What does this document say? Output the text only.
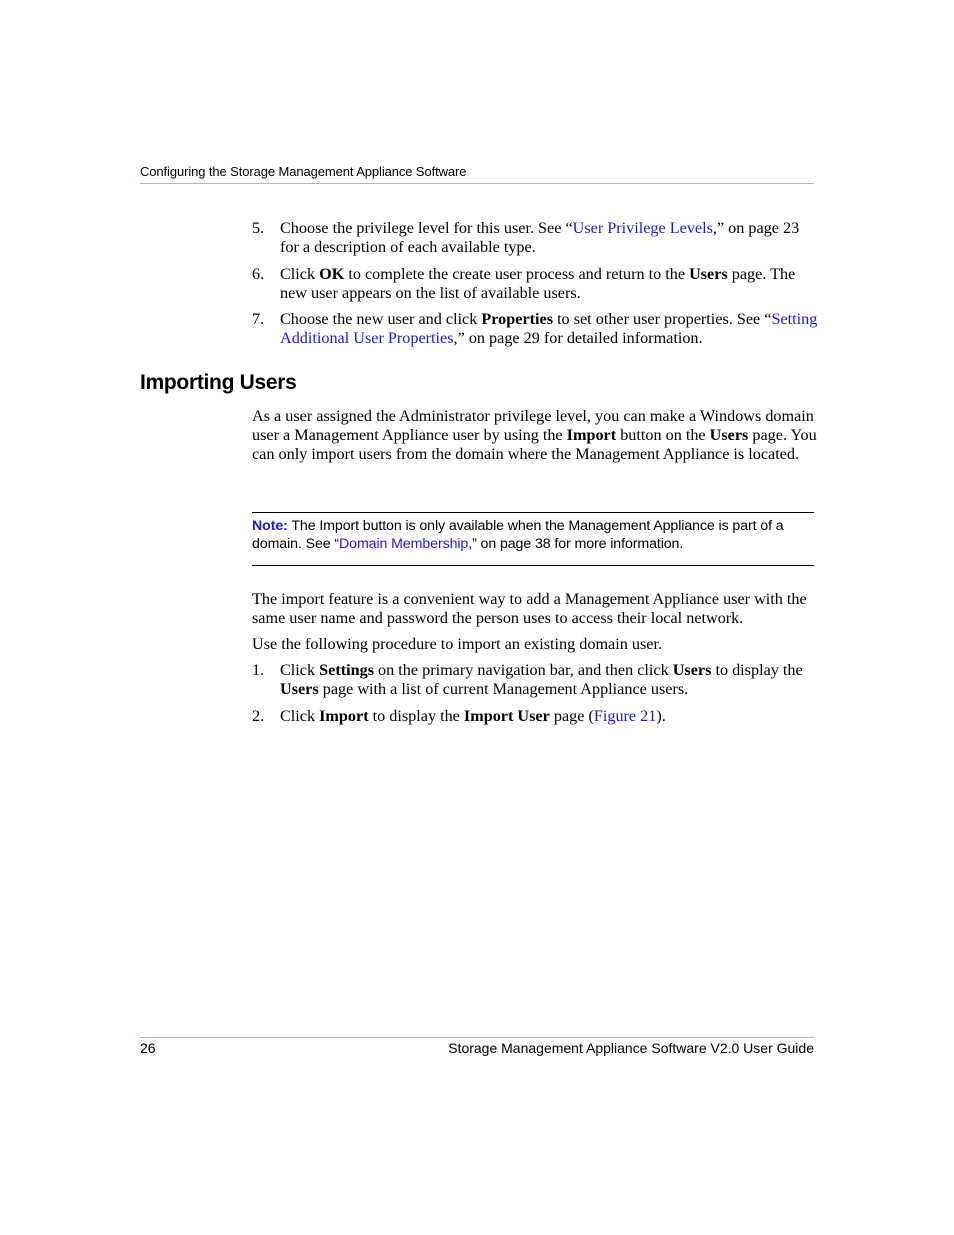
Configuring the Storage Management Appliance Software
5. Choose the privilege level for this user. See “User Privilege Levels,” on page 23 for a description of each available type.
6. Click OK to complete the create user process and return to the Users page. The new user appears on the list of available users.
7. Choose the new user and click Properties to set other user properties. See “Setting Additional User Properties,” on page 29 for detailed information.
Importing Users
As a user assigned the Administrator privilege level, you can make a Windows domain user a Management Appliance user by using the Import button on the Users page. You can only import users from the domain where the Management Appliance is located.
Note: The Import button is only available when the Management Appliance is part of a domain. See “Domain Membership,” on page 38 for more information.
The import feature is a convenient way to add a Management Appliance user with the same user name and password the person uses to access their local network.
Use the following procedure to import an existing domain user.
1. Click Settings on the primary navigation bar, and then click Users to display the Users page with a list of current Management Appliance users.
2. Click Import to display the Import User page (Figure 21).
26	Storage Management Appliance Software V2.0 User Guide
